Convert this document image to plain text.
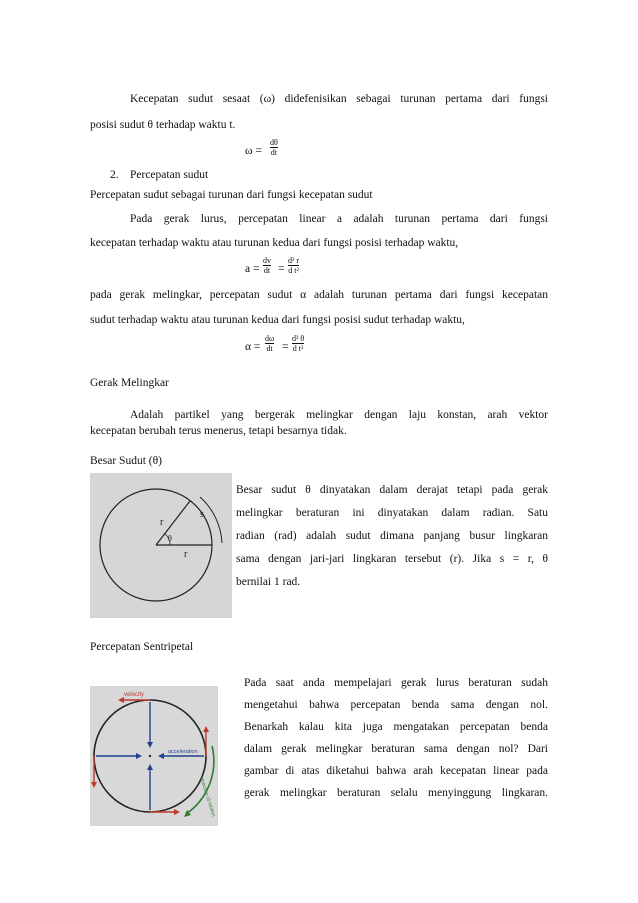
Kecepatan sudut sesaat (ω) didefenisikan sebagai turunan pertama dari fungsi
posisi sudut θ terhadap waktu t.
ω =
dθ
dt
2. Percepatan sudut
Percepatan sudut sebagai turunan dari fungsi kecepatan sudut
Pada gerak lurus, percepatan linear a adalah turunan pertama dari fungsi
kecepatan terhadap waktu atau turunan kedua dari fungsi posisi terhadap waktu,
a =
dv
dt =
d² r
d t²
pada gerak melingkar, percepatan sudut α adalah turunan pertama dari fungsi kecepatan
sudut terhadap waktu atau turunan kedua dari fungsi posisi sudut terhadap waktu,
α =
dω
dt =
d² θ
d t²
Gerak Melingkar
Adalah partikel yang bergerak melingkar dengan laju konstan, arah vektor
kecepatan berubah terus menerus, tetapi besarnya tidak.
Besar Sudut (θ)
r
r
s
θ
Besar sudut θ dinyatakan dalam derajat tetapi pada gerak
melingkar beraturan ini dinyatakan dalam radian. Satu
radian (rad) adalah sudut dimana panjang busur lingkaran
sama dengan jari-jari lingkaran tersebut (r). Jika s = r, θ
bernilai 1 rad.
Percepatan Sentripetal
velocity
acceleration
direction of motion
Pada saat anda mempelajari gerak lurus beraturan sudah
mengetahui bahwa percepatan benda sama dengan nol.
Benarkah kalau kita juga mengatakan percepatan benda
dalam gerak melingkar beraturan sama dengan nol? Dari
gambar di atas diketahui bahwa arah kecepatan linear pada
gerak melingkar beraturan selalu menyinggung lingkaran.
